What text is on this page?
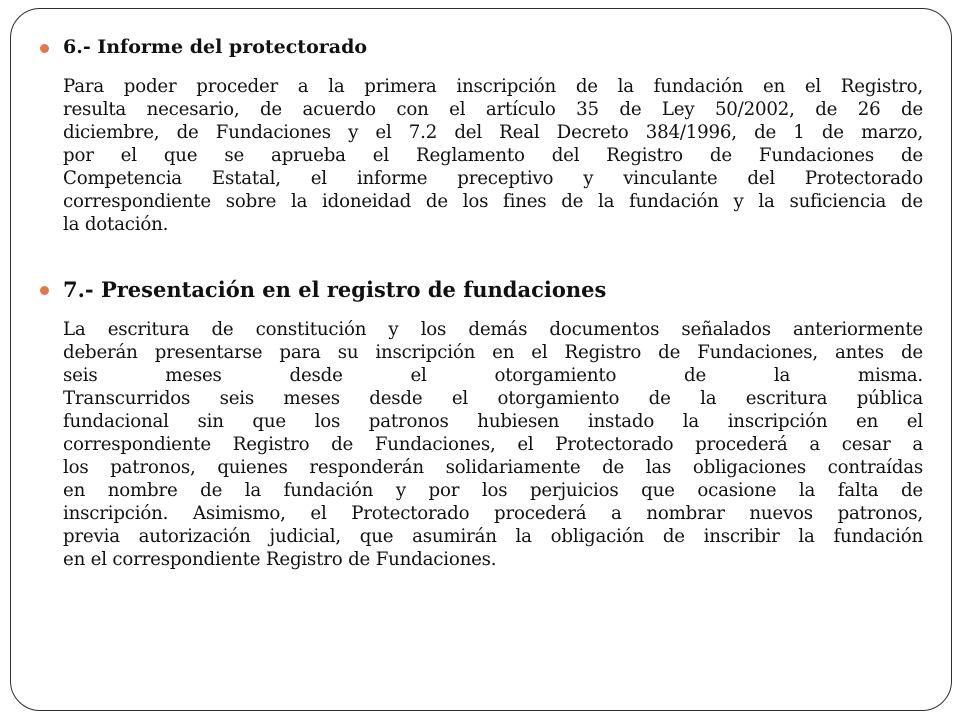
6.- Informe del protectorado
Para poder proceder a la primera inscripción de la fundación en el Registro,
resulta necesario, de acuerdo con el artículo 35 de Ley 50/2002, de 26 de
diciembre, de Fundaciones y el 7.2 del Real Decreto 384/1996, de 1 de marzo,
por el que se aprueba el Reglamento del Registro de Fundaciones de
Competencia Estatal, el informe preceptivo y vinculante del Protectorado
correspondiente sobre la idoneidad de los fines de la fundación y la suficiencia de
la dotación.
7.- Presentación en el registro de fundaciones
La escritura de constitución y los demás documentos señalados anteriormente
deberán presentarse para su inscripción en el Registro de Fundaciones, antes de
seis meses desde el otorgamiento de la misma.
Transcurridos seis meses desde el otorgamiento de la escritura pública
fundacional sin que los patronos hubiesen instado la inscripción en el
correspondiente Registro de Fundaciones, el Protectorado procederá a cesar a
los patronos, quienes responderán solidariamente de las obligaciones contraídas
en nombre de la fundación y por los perjuicios que ocasione la falta de
inscripción. Asimismo, el Protectorado procederá a nombrar nuevos patronos,
previa autorización judicial, que asumirán la obligación de inscribir la fundación
en el correspondiente Registro de Fundaciones.
